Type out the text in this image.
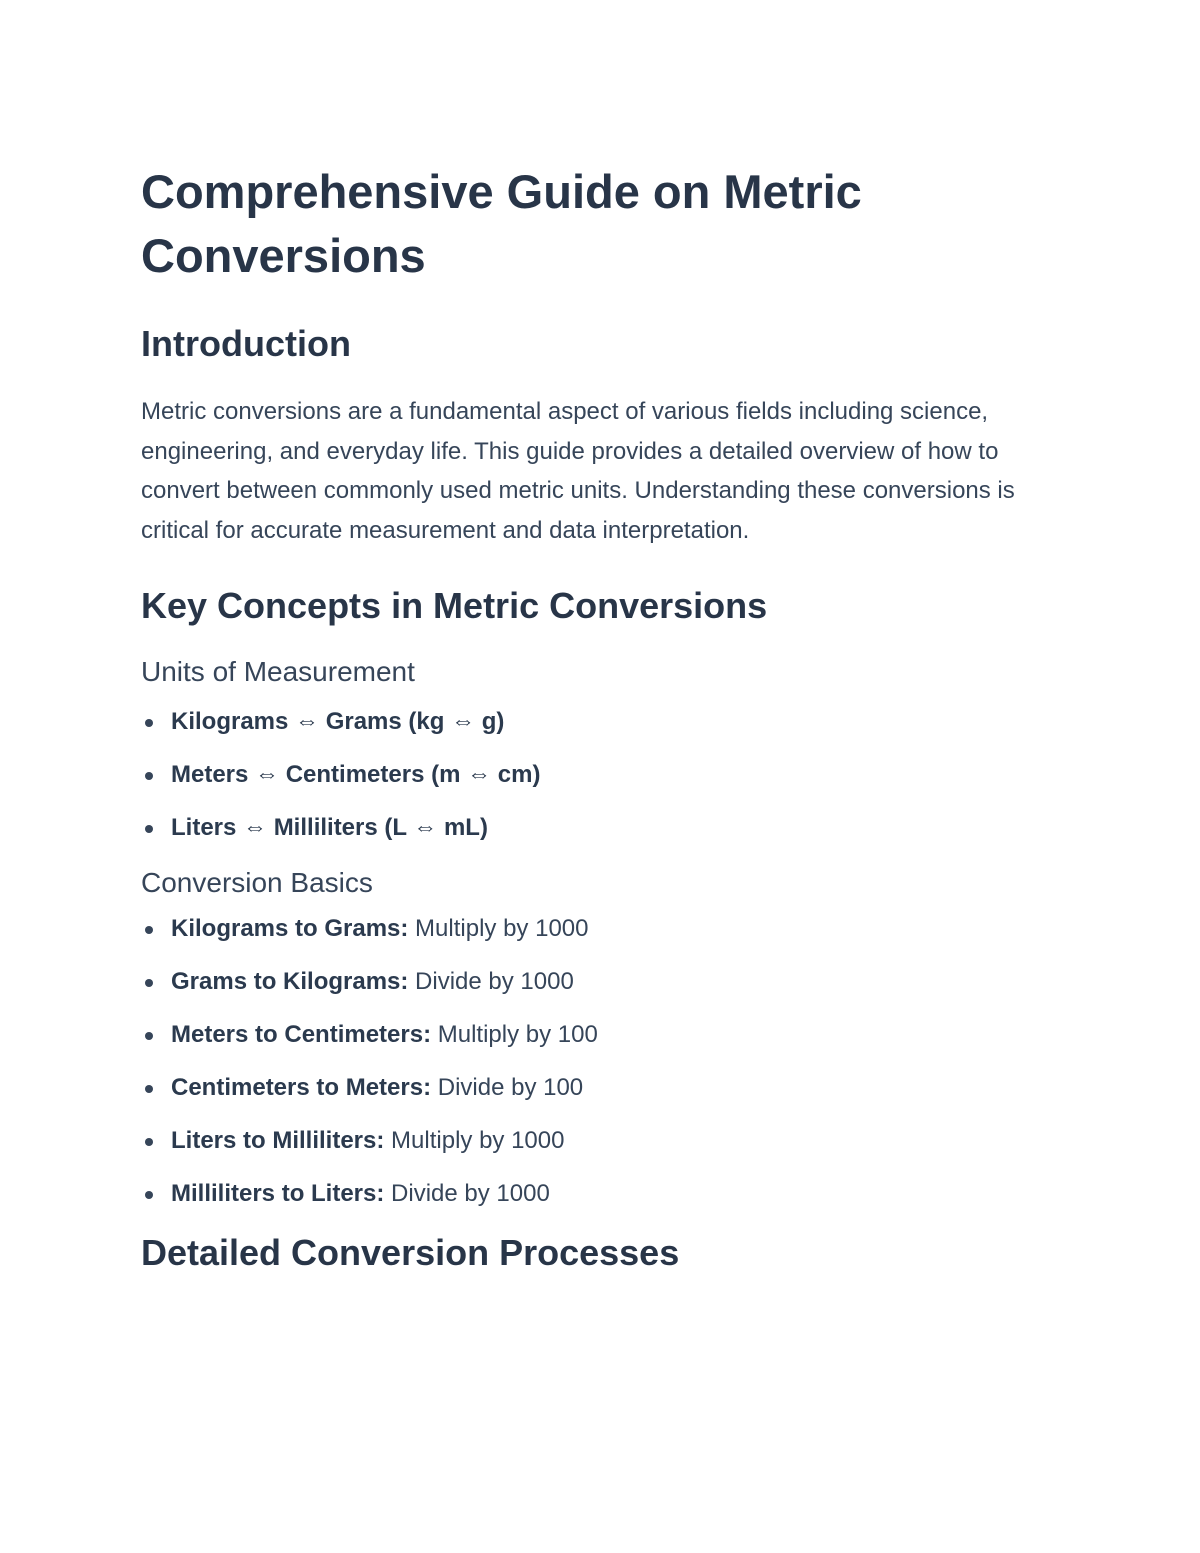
Comprehensive Guide on Metric Conversions
Introduction

Metric conversions are a fundamental aspect of various fields including science, engineering, and everyday life. This guide provides a detailed overview of how to convert between commonly used metric units. Understanding these conversions is critical for accurate measurement and data interpretation.

Key Concepts in Metric Conversions
Units of Measurement
Kilograms ⇔ Grams (kg ⇔ g)
Meters ⇔ Centimeters (m ⇔ cm)
Liters ⇔ Milliliters (L ⇔ mL)
Conversion Basics
Kilograms to Grams: Multiply by 1000
Grams to Kilograms: Divide by 1000
Meters to Centimeters: Multiply by 100
Centimeters to Meters: Divide by 100
Liters to Milliliters: Multiply by 1000
Milliliters to Liters: Divide by 1000
Detailed Conversion Processes
